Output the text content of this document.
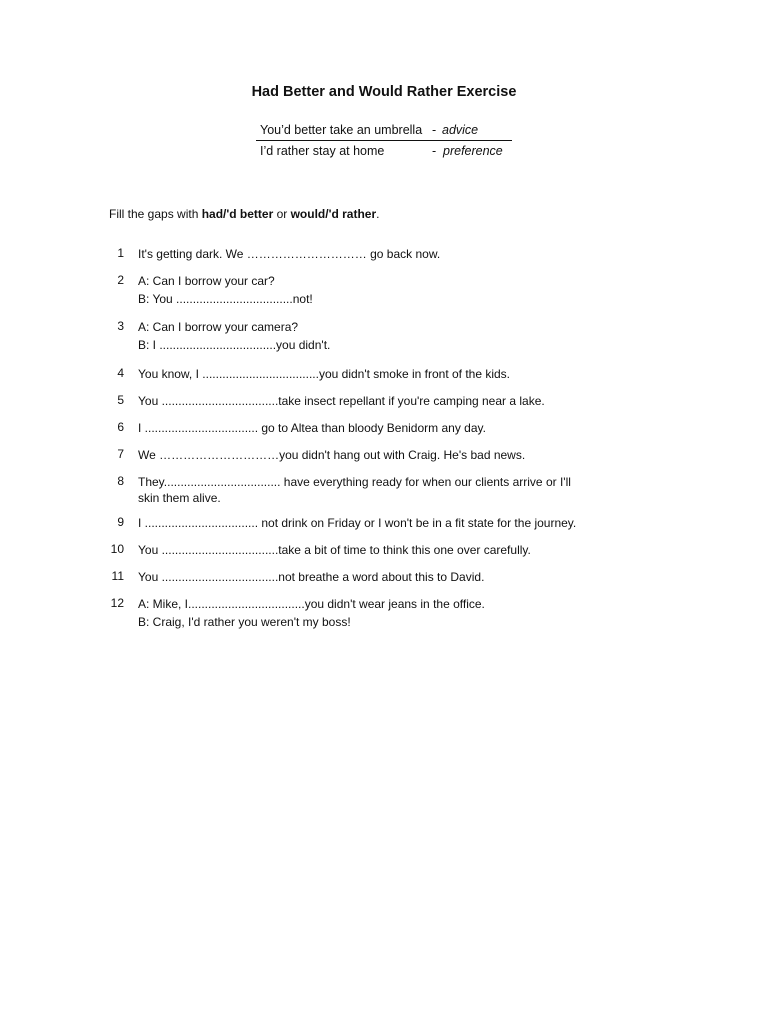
Had Better and Would Rather Exercise
You’d better take an umbrella - advice
I’d rather stay at home	- preference
Fill the gaps with had/'d better or would/'d rather.
1 It's getting dark. We ………………………… go back now.
2 A: Can I borrow your car?
B: You ...................................not!
3 A: Can I borrow your camera?
B: I ...................................you didn't.
4 You know, I ...................................you didn't smoke in front of the kids.
5 You ...................................take insect repellant if you're camping near a lake.
6 I .................................. go to Altea than bloody Benidorm any day.
7 We …………………………you didn't hang out with Craig. He's bad news.
8 They................................... have everything ready for when our clients arrive or I'll
skin them alive.
9 I .................................. not drink on Friday or I won't be in a fit state for the journey.
10 You ...................................take a bit of time to think this one over carefully.
11 You ...................................not breathe a word about this to David.
12 A: Mike, I...................................you didn't wear jeans in the office.
B: Craig, I'd rather you weren't my boss!
